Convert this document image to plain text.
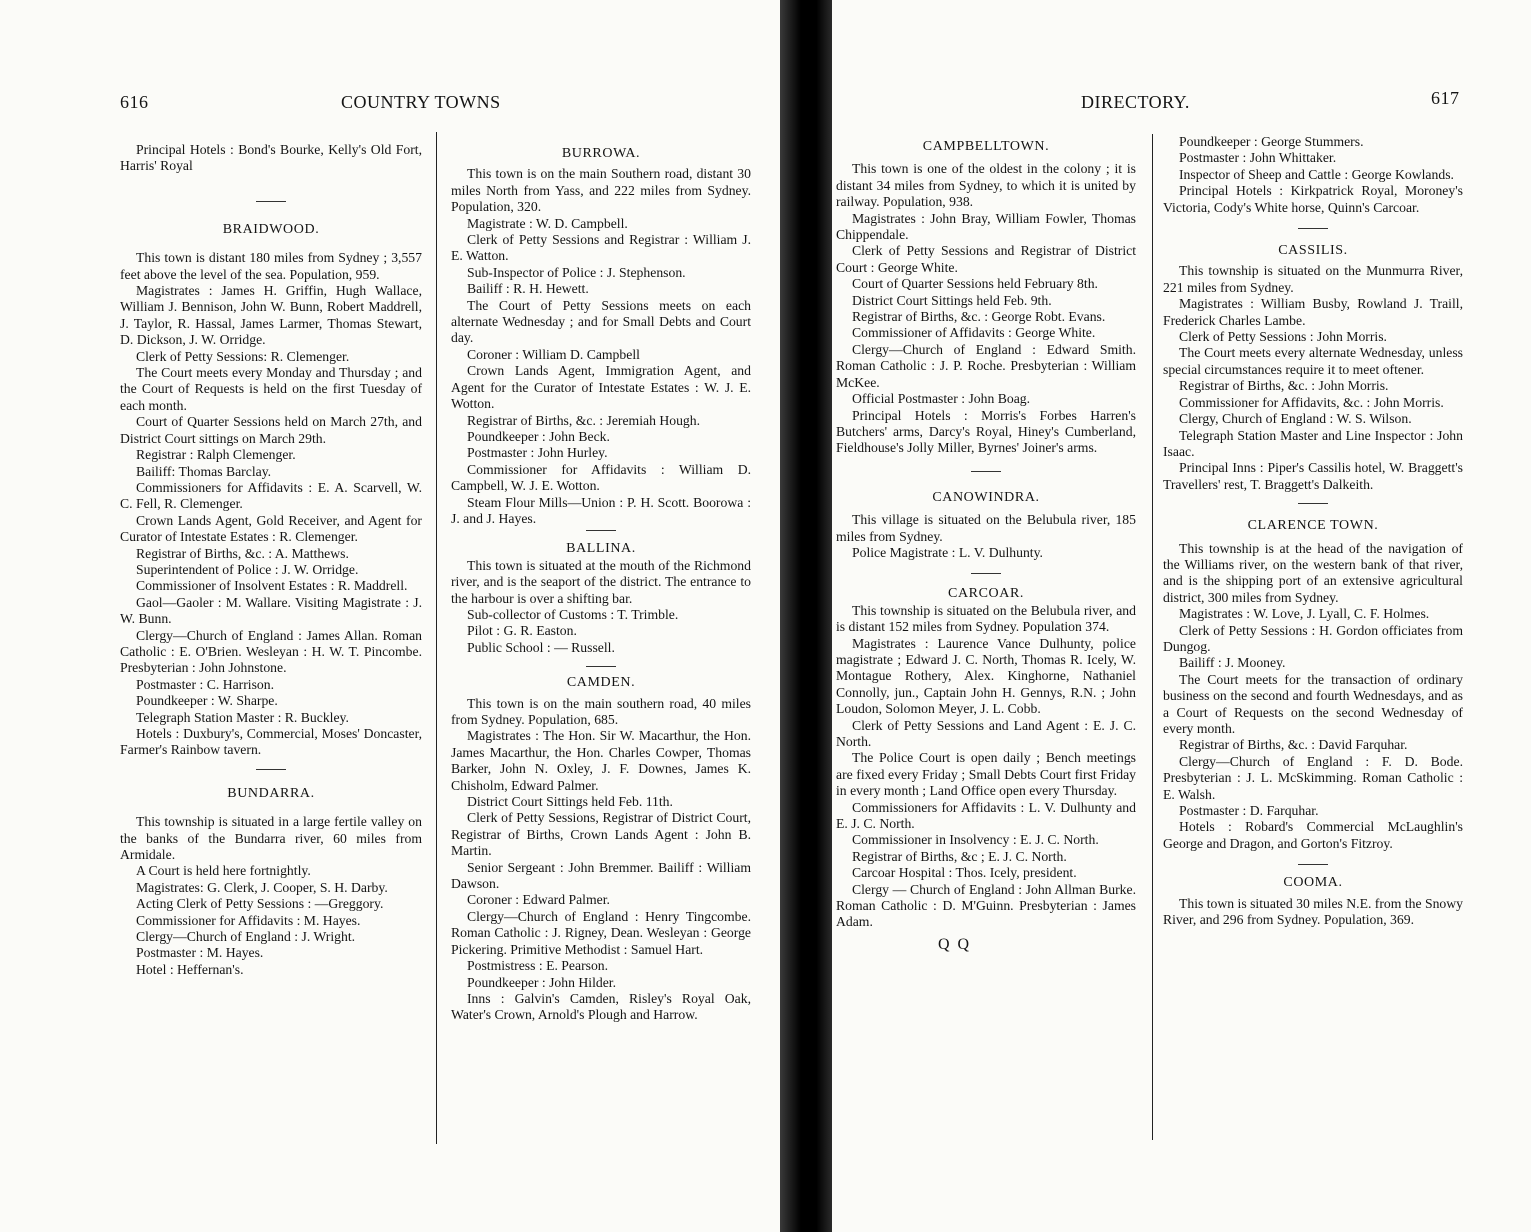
616	COUNTRY TOWNS

Principal Hotels : Bond's Bourke, Kelly's Old Fort, Harris' Royal

BRAIDWOOD.

This town is distant 180 miles from Sydney ; 3,557 feet above the level of the sea. Population, 959.

Magistrates : James H. Griffin, Hugh Wallace, William J. Bennison, John W. Bunn, Robert Maddrell, J. Taylor, R. Hassal, James Larmer, Thomas Stewart, D. Dickson, J. W. Orridge.

Clerk of Petty Sessions: R. Clemenger.

The Court meets every Monday and Thursday ; and the Court of Requests is held on the first Tuesday of each month.

Court of Quarter Sessions held on March 27th, and District Court sittings on March 29th.

Registrar : Ralph Clemenger.

Bailiff: Thomas Barclay.

Commissioners for Affidavits : E. A. Scarvell, W. C. Fell, R. Clemenger.

Crown Lands Agent, Gold Receiver, and Agent for Curator of Intestate Estates : R. Clemenger.

Registrar of Births, &c. : A. Matthews.

Superintendent of Police : J. W. Orridge.

Commissioner of Insolvent Estates : R. Maddrell.

Gaol—Gaoler : M. Wallare. Visiting Magistrate : J. W. Bunn.

Clergy—Church of England : James Allan. Roman Catholic : E. O'Brien. Wesleyan : H. W. T. Pincombe. Presbyterian : John Johnstone.

Postmaster : C. Harrison.

Poundkeeper : W. Sharpe.

Telegraph Station Master : R. Buckley.

Hotels : Duxbury's, Commercial, Moses' Doncaster, Farmer's Rainbow tavern.

BUNDARRA.

This township is situated in a large fertile valley on the banks of the Bundarra river, 60 miles from Armidale.

A Court is held here fortnightly.

Magistrates: G. Clerk, J. Cooper, S. H. Darby.

Acting Clerk of Petty Sessions : —Greggory.

Commissioner for Affidavits : M. Hayes.

Clergy—Church of England : J. Wright.

Postmaster : M. Hayes.

Hotel : Heffernan's.

BURROWA.

This town is on the main Southern road, distant 30 miles North from Yass, and 222 miles from Sydney. Population, 320.

Magistrate : W. D. Campbell.

Clerk of Petty Sessions and Registrar : William J. E. Watton.

Sub-Inspector of Police : J. Stephenson.

Bailiff : R. H. Hewett.

The Court of Petty Sessions meets on each alternate Wednesday ; and for Small Debts and Court day.

Coroner : William D. Campbell

Crown Lands Agent, Immigration Agent, and Agent for the Curator of Intestate Estates : W. J. E. Wotton.

Registrar of Births, &c. : Jeremiah Hough.

Poundkeeper : John Beck.

Postmaster : John Hurley.

Commissioner for Affidavits : William D. Campbell, W. J. E. Wotton.

Steam Flour Mills—Union : P. H. Scott. Boorowa : J. and J. Hayes.

BALLINA.

This town is situated at the mouth of the Richmond river, and is the seaport of the district. The entrance to the harbour is over a shifting bar.

Sub-collector of Customs : T. Trimble.

Pilot : G. R. Easton.

Public School : — Russell.

CAMDEN.

This town is on the main southern road, 40 miles from Sydney. Population, 685.

Magistrates : The Hon. Sir W. Macarthur, the Hon. James Macarthur, the Hon. Charles Cowper, Thomas Barker, John N. Oxley, J. F. Downes, James K. Chisholm, Edward Palmer.

District Court Sittings held Feb. 11th.

Clerk of Petty Sessions, Registrar of District Court, Registrar of Births, Crown Lands Agent : John B. Martin.

Senior Sergeant : John Bremmer. Bailiff : William Dawson.

Coroner : Edward Palmer.

Clergy—Church of England : Henry Tingcombe. Roman Catholic : J. Rigney, Dean. Wesleyan : George Pickering. Primitive Methodist : Samuel Hart.

Postmistress : E. Pearson.

Poundkeeper : John Hilder.

Inns : Galvin's Camden, Risley's Royal Oak, Water's Crown, Arnold's Plough and Harrow.

DIRECTORY.	617
CAMPBELLTOWN.

This town is one of the oldest in the colony ; it is distant 34 miles from Sydney, to which it is united by railway. Population, 938.

Magistrates : John Bray, William Fowler, Thomas Chippendale.

Clerk of Petty Sessions and Registrar of District Court : George White.

Court of Quarter Sessions held February 8th.

District Court Sittings held Feb. 9th.

Registrar of Births, &c. : George Robt. Evans.

Commissioner of Affidavits : George White.

Clergy—Church of England : Edward Smith. Roman Catholic : J. P. Roche. Presbyterian : William McKee.

Official Postmaster : John Boag.

Principal Hotels : Morris's Forbes Harren's Butchers' arms, Darcy's Royal, Hiney's Cumberland, Fieldhouse's Jolly Miller, Byrnes' Joiner's arms.

CANOWINDRA.

This village is situated on the Belubula river, 185 miles from Sydney.

Police Magistrate : L. V. Dulhunty.

CARCOAR.

This township is situated on the Belubula river, and is distant 152 miles from Sydney. Population 374.

Magistrates : Laurence Vance Dulhunty, police magistrate ; Edward J. C. North, Thomas R. Icely, W. Montague Rothery, Alex. Kinghorne, Nathaniel Connolly, jun., Captain John H. Gennys, R.N. ; John Loudon, Solomon Meyer, J. L. Cobb.

Clerk of Petty Sessions and Land Agent : E. J. C. North.

The Police Court is open daily ; Bench meetings are fixed every Friday ; Small Debts Court first Friday in every month ; Land Office open every Thursday.

Commissioners for Affidavits : L. V. Dulhunty and E. J. C. North.

Commissioner in Insolvency : E. J. C. North.

Registrar of Births, &c ; E. J. C. North.

Carcoar Hospital : Thos. Icely, president.

Clergy — Church of England : John Allman Burke. Roman Catholic : D. M'Guinn. Presbyterian : James Adam.

Q Q

Poundkeeper : George Stummers.

Postmaster : John Whittaker.

Inspector of Sheep and Cattle : George Kowlands.

Principal Hotels : Kirkpatrick Royal, Moroney's Victoria, Cody's White horse, Quinn's Carcoar.

CASSILIS.

This township is situated on the Munmurra River, 221 miles from Sydney.

Magistrates : William Busby, Rowland J. Traill, Frederick Charles Lambe.

Clerk of Petty Sessions : John Morris.

The Court meets every alternate Wednesday, unless special circumstances require it to meet oftener.

Registrar of Births, &c. : John Morris.

Commissioner for Affidavits, &c. : John Morris.

Clergy, Church of England : W. S. Wilson.

Telegraph Station Master and Line Inspector : John Isaac.

Principal Inns : Piper's Cassilis hotel, W. Braggett's Travellers' rest, T. Braggett's Dalkeith.

CLARENCE TOWN.

This township is at the head of the navigation of the Williams river, on the western bank of that river, and is the shipping port of an extensive agricultural district, 300 miles from Sydney.

Magistrates : W. Love, J. Lyall, C. F. Holmes.

Clerk of Petty Sessions : H. Gordon officiates from Dungog.

Bailiff : J. Mooney.

The Court meets for the transaction of ordinary business on the second and fourth Wednesdays, and as a Court of Requests on the second Wednesday of every month.

Registrar of Births, &c. : David Farquhar.

Clergy—Church of England : F. D. Bode. Presbyterian : J. L. McSkimming. Roman Catholic : E. Walsh.

Postmaster : D. Farquhar.

Hotels : Robard's Commercial McLaughlin's George and Dragon, and Gorton's Fitzroy.

COOMA.

This town is situated 30 miles N.E. from the Snowy River, and 296 from Sydney. Population, 369.
